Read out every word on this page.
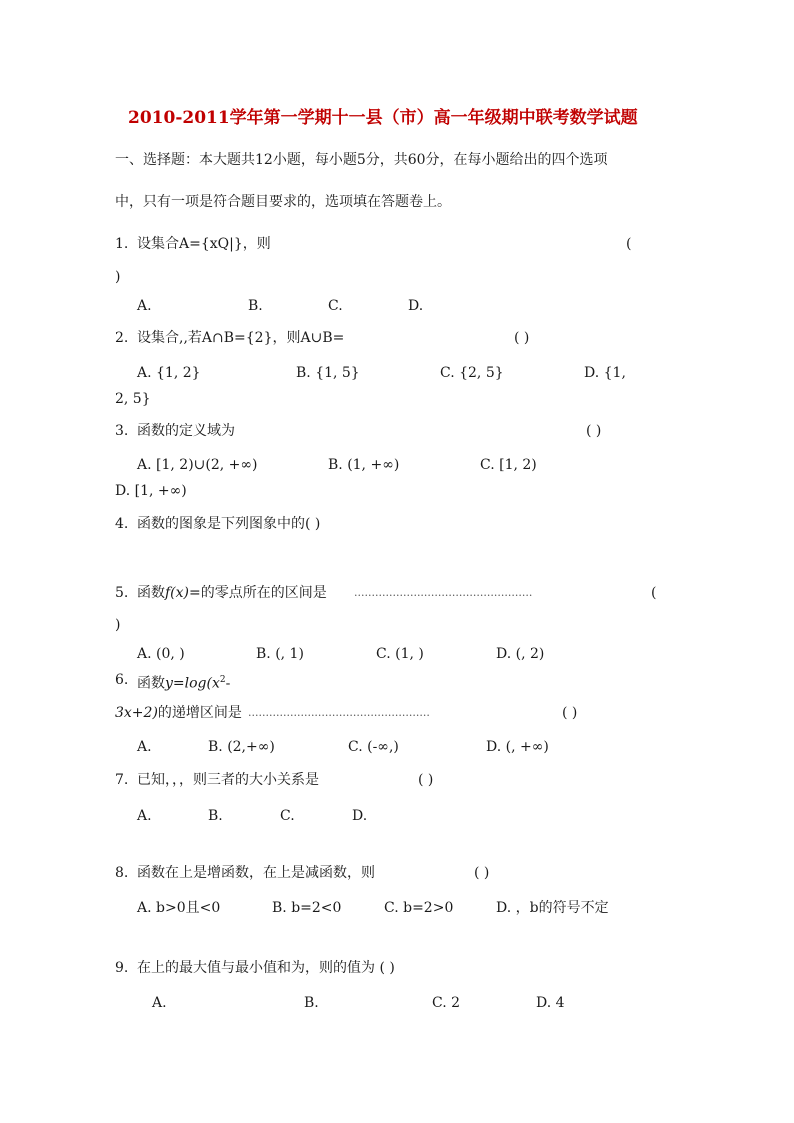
2010-2011学年第一学期十一县（市）高一年级期中联考数学试题
一、选择题：本大题共12小题，每小题5分，共60分，在每小题给出的四个选项
中，只有一项是符合题目要求的，选项填在答题卷上。
1. 设集合A={xQ|}，则	(
)
A.	B.	C.	D.
2. 设集合,,若A∩B={2}，则A∪B=	( )
A. {1, 2}	B. {1, 5}	C. {2, 5}	D. {1,
2, 5}
3. 函数的定义域为	( )
A. [1, 2)∪(2, +∞)	B. (1, +∞)	C. [1, 2)
D. [1, +∞)
4. 函数的图象是下列图象中的( )
5. 函数f(x)=的零点所在的区间是 ...................................................	(
)
A. (0, )	B. (, 1)	C. (1, )	D. (, 2)
6. 函数$y=\log(x^2-$
3x+2)的递增区间是 ....................................................	( )
A.	B. (2,+∞)	C. (-∞,)	D. (, +∞)
7. 已知，，，则三者的大小关系是	( )
A.	B.	C.	D.
8. 函数在上是增函数，在上是减函数，则	( )
A. b>0且<0	B. b=2<0	C. b=2>0	D. ，b的符号不定
9. 在上的最大值与最小值和为，则的值为 ( )
A.	B.	C. 2	D. 4
